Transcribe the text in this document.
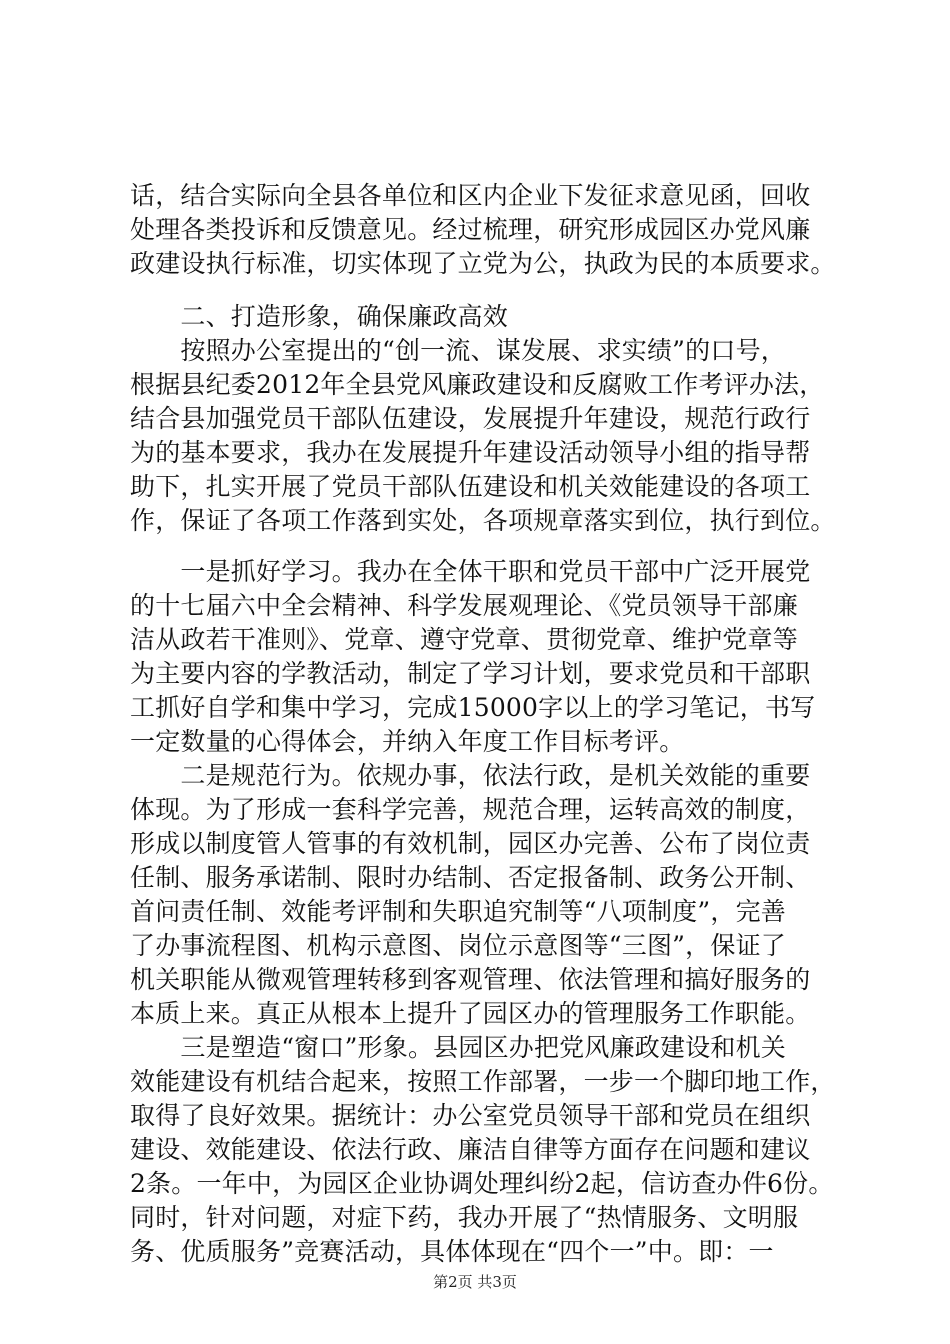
话，结合实际向全县各单位和区内企业下发征求意见函，回收
处理各类投诉和反馈意见。经过梳理，研究形成园区办党风廉
政建设执行标准，切实体现了立党为公，执政为民的本质要求。
　　二、打造形象，确保廉政高效
　　按照办公室提出的“创一流、谋发展、求实绩”的口号，
根据县纪委2012年全县党风廉政建设和反腐败工作考评办法，
结合县加强党员干部队伍建设，发展提升年建设，规范行政行
为的基本要求，我办在发展提升年建设活动领导小组的指导帮
助下，扎实开展了党员干部队伍建设和机关效能建设的各项工
作，保证了各项工作落到实处，各项规章落实到位，执行到位。
　　一是抓好学习。我办在全体干职和党员干部中广泛开展党
的十七届六中全会精神、科学发展观理论、《党员领导干部廉
洁从政若干准则》、党章、遵守党章、贯彻党章、维护党章等
为主要内容的学教活动，制定了学习计划，要求党员和干部职
工抓好自学和集中学习，完成15000字以上的学习笔记，书写
一定数量的心得体会，并纳入年度工作目标考评。
　　二是规范行为。依规办事，依法行政，是机关效能的重要
体现。为了形成一套科学完善，规范合理，运转高效的制度，
形成以制度管人管事的有效机制，园区办完善、公布了岗位责
任制、服务承诺制、限时办结制、否定报备制、政务公开制、
首问责任制、效能考评制和失职追究制等“八项制度”，完善
了办事流程图、机构示意图、岗位示意图等“三图”，保证了
机关职能从微观管理转移到客观管理、依法管理和搞好服务的
本质上来。真正从根本上提升了园区办的管理服务工作职能。
　　三是塑造“窗口”形象。县园区办把党风廉政建设和机关
效能建设有机结合起来，按照工作部署，一步一个脚印地工作，
取得了良好效果。据统计：办公室党员领导干部和党员在组织
建设、效能建设、依法行政、廉洁自律等方面存在问题和建议
2条。一年中，为园区企业协调处理纠纷2起，信访查办件6份。
同时，针对问题，对症下药，我办开展了“热情服务、文明服
务、优质服务”竞赛活动，具体体现在“四个一”中。即：一
第2页 共3页
